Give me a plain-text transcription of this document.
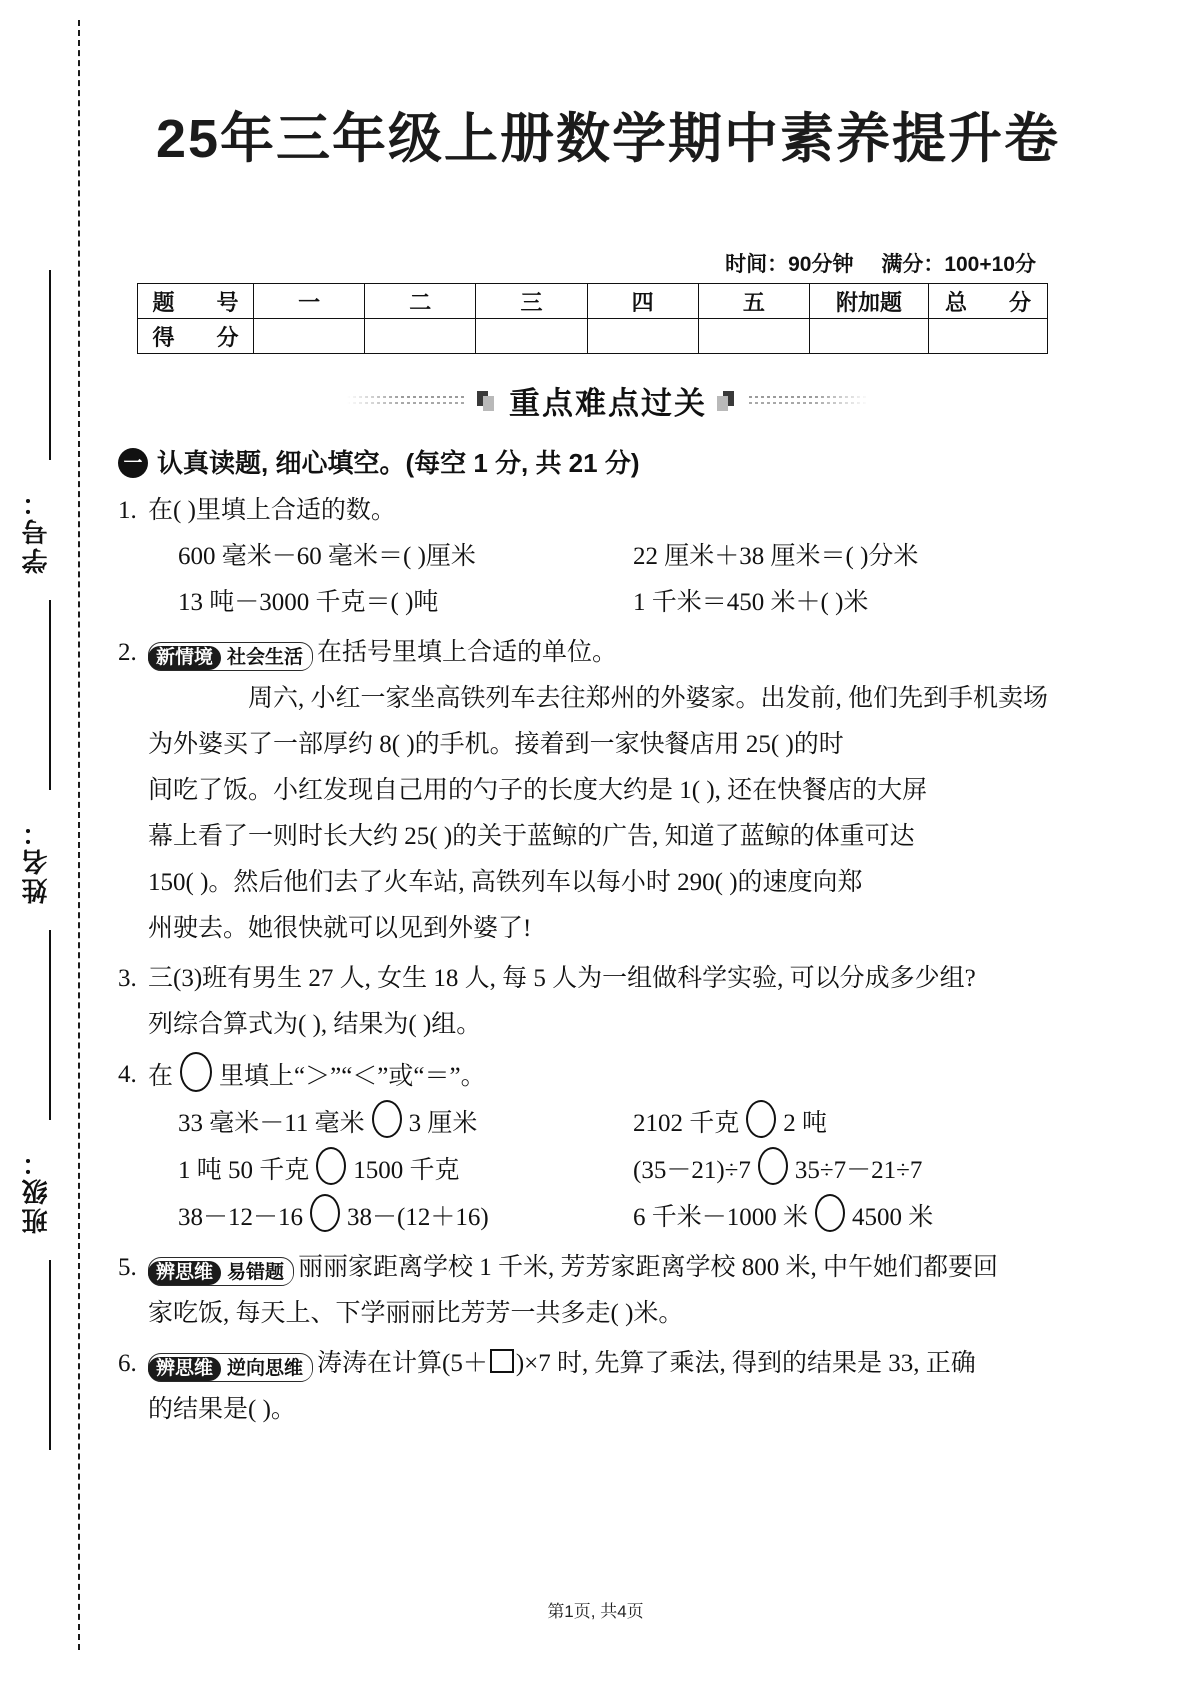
学号：
姓名：
班级：
25年三年级上册数学期中素养提升卷
时间：90分钟 满分：100+10分
题　号	一	二	三	四	五	附加题	总　分
得　分							
重点难点过关
一 认真读题, 细心填空。(每空 1 分, 共 21 分)
1. 在( )里填上合适的数。
600 毫米－60 毫米＝( )厘米	22 厘米＋38 厘米＝( )分米
13 吨－3000 千克＝( )吨	1 千米＝450 米＋( )米
2.	新情境 社会生活 在括号里填上合适的单位。
　　　　周六, 小红一家坐高铁列车去往郑州的外婆家。出发前, 他们先到手机卖场
为外婆买了一部厚约 8( )的手机。接着到一家快餐店用 25( )的时
间吃了饭。小红发现自己用的勺子的长度大约是 1( ), 还在快餐店的大屏
幕上看了一则时长大约 25( )的关于蓝鲸的广告, 知道了蓝鲸的体重可达
150( )。然后他们去了火车站, 高铁列车以每小时 290( )的速度向郑
州驶去。她很快就可以见到外婆了!
3. 三(3)班有男生 27 人, 女生 18 人, 每 5 人为一组做科学实验, 可以分成多少组?
列综合算式为( ), 结果为( )组。
4. 在 里填上“＞”“＜”或“＝”。
33 毫米－11 毫米 3 厘米	2102 千克 2 吨
1 吨 50 千克 1500 千克	(35－21)÷7 35÷7－21÷7
38－12－16 38－(12＋16)	6 千米－1000 米 4500 米
5.	辨思维 易错题 丽丽家距离学校 1 千米, 芳芳家距离学校 800 米, 中午她们都要回
家吃饭, 每天上、下学丽丽比芳芳一共多走( )米。
6.	辨思维 逆向思维 涛涛在计算(5＋ )×7 时, 先算了乘法, 得到的结果是 33, 正确
的结果是( )。
第1页, 共4页
